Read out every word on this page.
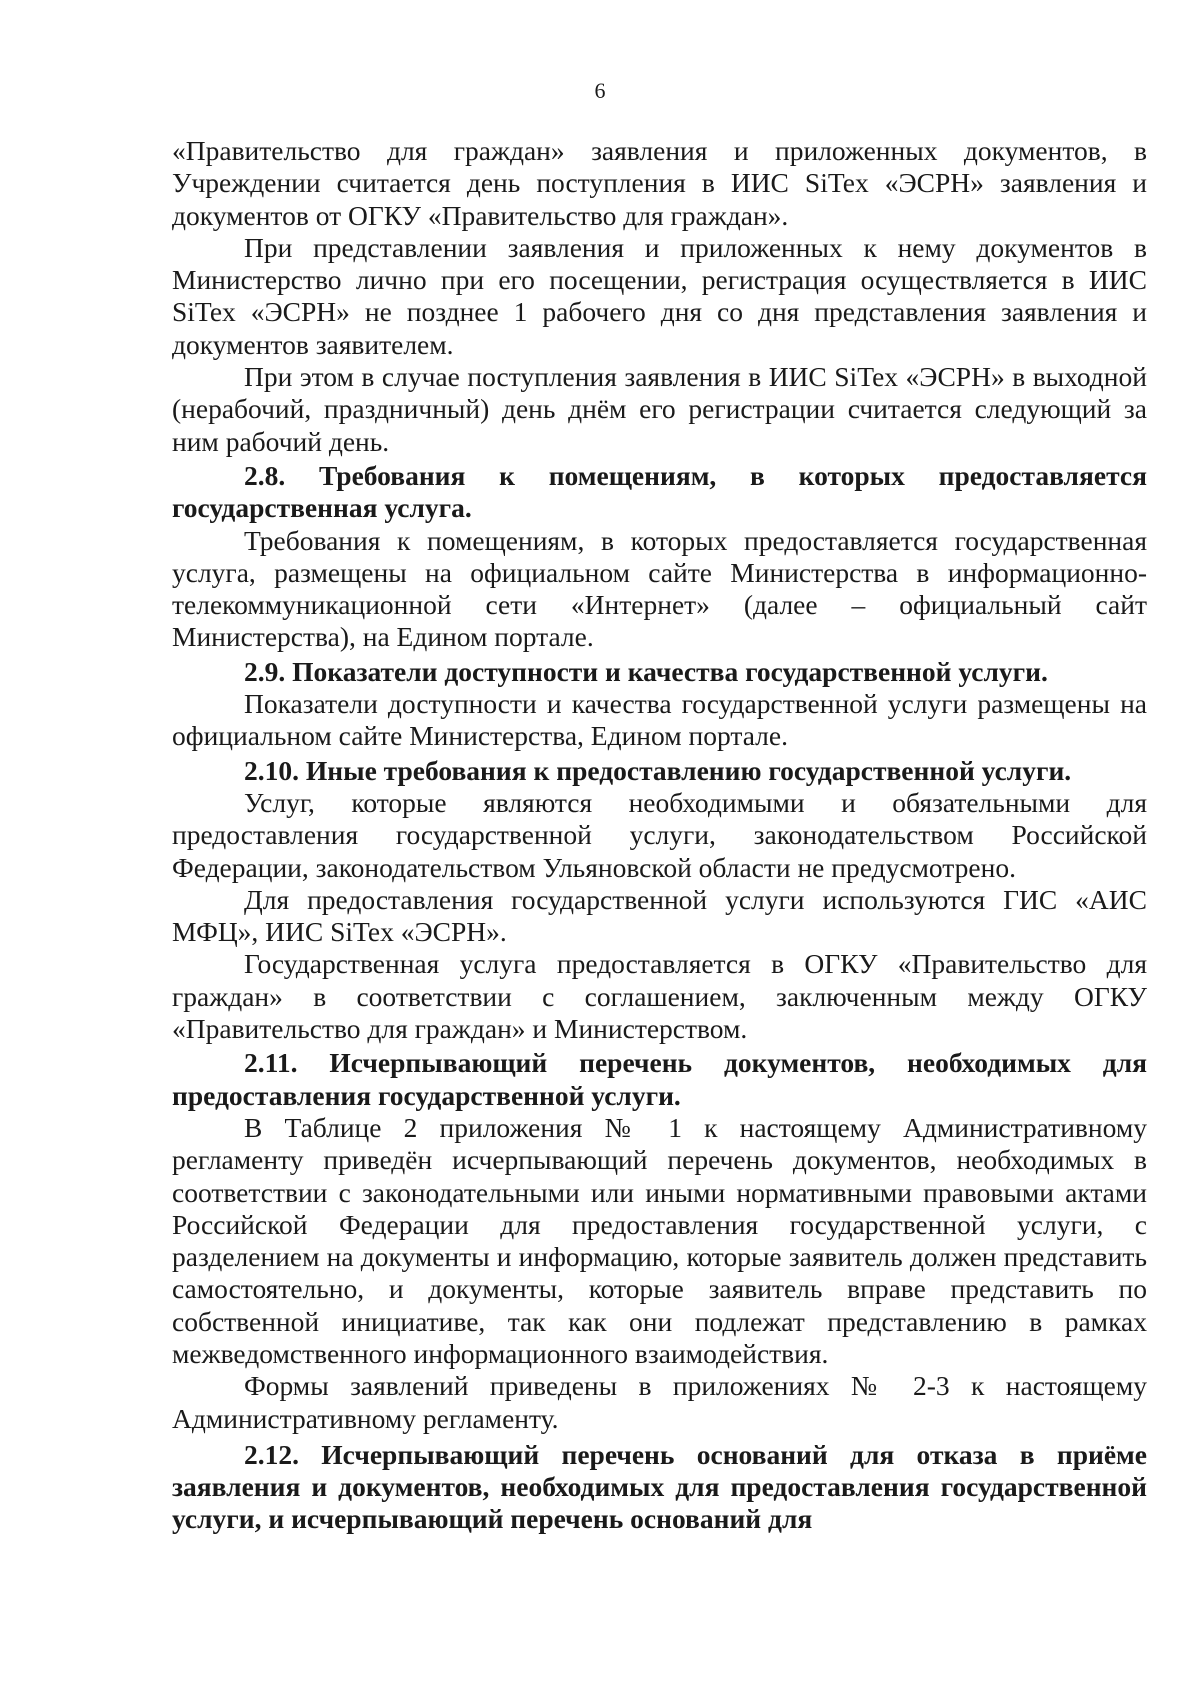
6

«Правительство для граждан» заявления и приложенных документов, в Учреждении считается день поступления в ИИС SiTex «ЭСРН» заявления и документов от ОГКУ «Правительство для граждан».

При представлении заявления и приложенных к нему документов в Министерство лично при его посещении, регистрация осуществляется в ИИС SiTex «ЭСРН» не позднее 1 рабочего дня со дня представления заявления и документов заявителем.

При этом в случае поступления заявления в ИИС SiTex «ЭСРН» в выходной (нерабочий, праздничный) день днём его регистрации считается следующий за ним рабочий день.

2.8. Требования к помещениям, в которых предоставляется государственная услуга.

Требования к помещениям, в которых предоставляется государственная услуга, размещены на официальном сайте Министерства в информационно-телекоммуникационной сети «Интернет» (далее – официальный сайт Министерства), на Едином портале.

2.9. Показатели доступности и качества государственной услуги.

Показатели доступности и качества государственной услуги размещены на официальном сайте Министерства, Едином портале.

2.10. Иные требования к предоставлению государственной услуги.

Услуг, которые являются необходимыми и обязательными для предоставления государственной услуги, законодательством Российской Федерации, законодательством Ульяновской области не предусмотрено.

Для предоставления государственной услуги используются ГИС «АИС МФЦ», ИИС SiTex «ЭСРН».

Государственная услуга предоставляется в ОГКУ «Правительство для граждан» в соответствии с соглашением, заключенным между ОГКУ «Правительство для граждан» и Министерством.

2.11. Исчерпывающий перечень документов, необходимых для предоставления государственной услуги.

В Таблице 2 приложения № 1 к настоящему Административному регламенту приведён исчерпывающий перечень документов, необходимых в соответствии с законодательными или иными нормативными правовыми актами Российской Федерации для предоставления государственной услуги, с разделением на документы и информацию, которые заявитель должен представить самостоятельно, и документы, которые заявитель вправе представить по собственной инициативе, так как они подлежат представлению в рамках межведомственного информационного взаимодействия.

Формы заявлений приведены в приложениях № 2-3 к настоящему Административному регламенту.

2.12. Исчерпывающий перечень оснований для отказа в приёме заявления и документов, необходимых для предоставления государственной услуги, и исчерпывающий перечень оснований для
